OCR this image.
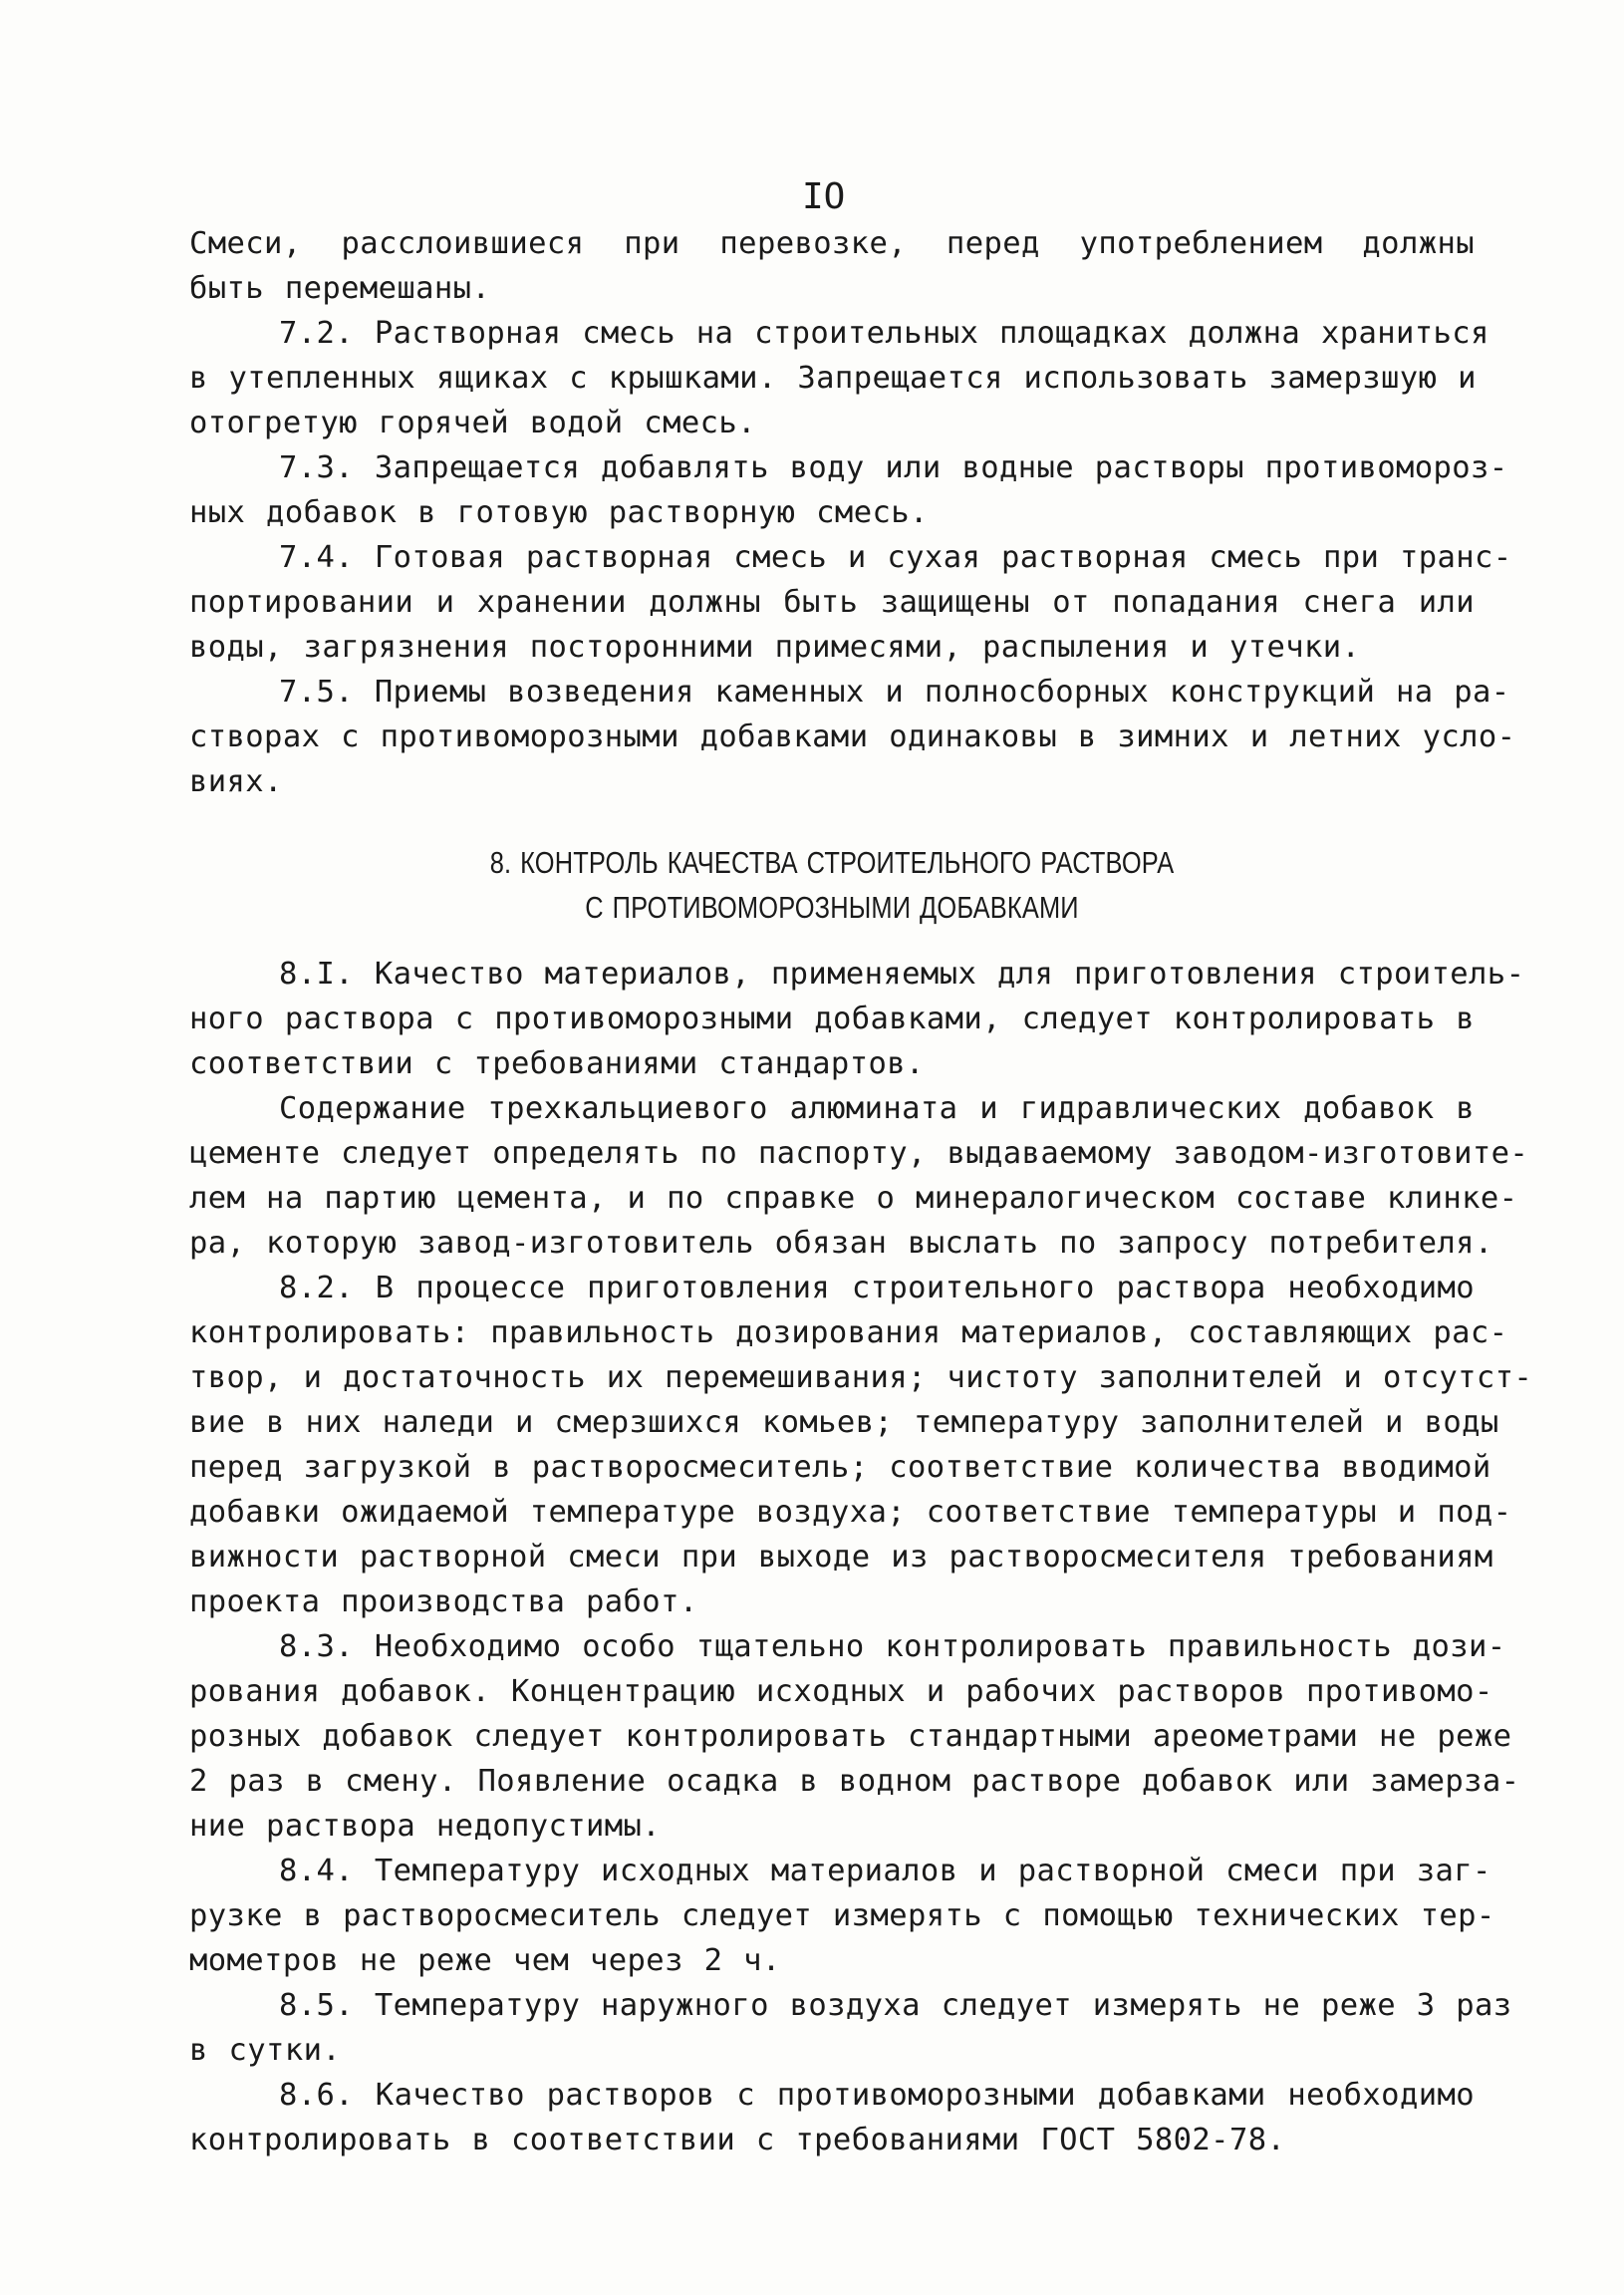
IO
Смеси, расслоившиеся при перевозке, перед употреблением должны
быть перемешаны.
7.2. Растворная смесь на строительных площадках должна храниться
в утепленных ящиках с крышками. Запрещается использовать замерзшую и
отогретую горячей водой смесь.
7.3. Запрещается добавлять воду или водные растворы противомороз-
ных добавок в готовую растворную смесь.
7.4. Готовая растворная смесь и сухая растворная смесь при транс-
портировании и хранении должны быть защищены от попадания снега или
воды, загрязнения посторонними примесями, распыления и утечки.
7.5. Приемы возведения каменных и полносборных конструкций на ра-
створах с противоморозными добавками одинаковы в зимних и летних усло-
виях.
8. КОНТРОЛЬ КАЧЕСТВА СТРОИТЕЛЬНОГО РАСТВОРА
С ПРОТИВОМОРОЗНЫМИ ДОБАВКАМИ
8.I. Качество материалов, применяемых для приготовления строитель-
ного раствора с противоморозными добавками, следует контролировать в
соответствии с требованиями стандартов.
Содержание трехкальциевого алюмината и гидравлических добавок в
цементе следует определять по паспорту, выдаваемому заводом-изготовите-
лем на партию цемента, и по справке о минералогическом составе клинке-
ра, которую завод-изготовитель обязан выслать по запросу потребителя.
8.2. В процессе приготовления строительного раствора необходимо
контролировать: правильность дозирования материалов, составляющих рас-
твор, и достаточность их перемешивания; чистоту заполнителей и отсутст-
вие в них наледи и смерзшихся комьев; температуру заполнителей и воды
перед загрузкой в растворосмеситель; соответствие количества вводимой
добавки ожидаемой температуре воздуха; соответствие температуры и под-
вижности растворной смеси при выходе из растворосмесителя требованиям
проекта производства работ.
8.3. Необходимо особо тщательно контролировать правильность дози-
рования добавок. Концентрацию исходных и рабочих растворов противомо-
розных добавок следует контролировать стандартными ареометрами не реже
2 раз в смену. Появление осадка в водном растворе добавок или замерза-
ние раствора недопустимы.
8.4. Температуру исходных материалов и растворной смеси при заг-
рузке в растворосмеситель следует измерять с помощью технических тер-
мометров не реже чем через 2 ч.
8.5. Температуру наружного воздуха следует измерять не реже 3 раз
в сутки.
8.6. Качество растворов с противоморозными добавками необходимо
контролировать в соответствии с требованиями ГОСТ 5802-78.
